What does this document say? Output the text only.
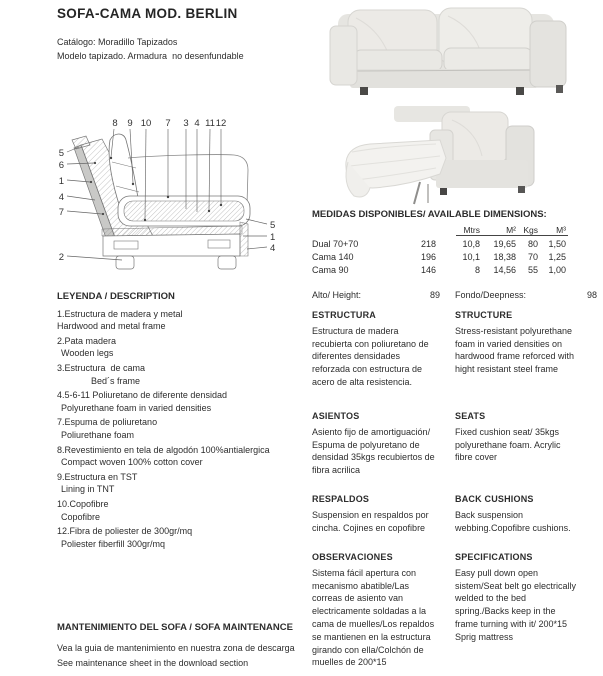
SOFA-CAMA MOD. BERLIN
Catálogo: Moradillo Tapizados
Modelo tapizado. Armadura  no desenfundable
8 9 10 7 3 4 11 12
5
6
1
4
7
2
5
1
4
LEYENDA / DESCRIPTION
1.Estructura de madera y metal
Hardwood and metal frame
2.Pata madera
Wooden legs
3.Estructura  de cama
Bed´s frame
4.5-6-11 Poliuretano de diferente densidad
Polyurethane foam in varied densities
7.Espuma de poliuretano
Poliurethane foam
8.Revestimiento en tela de algodón 100%antialergica
Compact woven 100% cotton cover
9.Estructura en TST
Lining in TNT
10.Copofibre
Copofibre
12.Fibra de poliester de 300gr/mq
Poliester fiberfill 300gr/mq
MANTENIMIENTO DEL SOFA / SOFA MAINTENANCE
Vea la guia de mantenimiento en nuestra zona de descarga
See maintenance sheet in the download section
MEDIDAS DISPONIBLES/ AVAILABLE DIMENSIONS:
			Mtrs	M²	Kgs	M³
Dual 70+70	218		10,8	19,65	80	1,50
Cama 140	196		10,1	18,38	70	1,25
Cama 90	146		8	14,56	55	1,00
Alto/ Height:	89 Fondo/Deepness:	98
ESTRUCTURA
Estructura de madera recubierta con poliuretano de diferentes densidades reforzada con estructura de acero de alta resistencia.
STRUCTURE
Stress-resistant polyurethane foam in varied densities on hardwood frame reforced with hight resistant steel frame
ASIENTOS
Asiento fijo de amortiguación/ Espuma de polyuretano de densidad 35kgs recubiertos de fibra acrilica
SEATS
Fixed cushion seat/ 35kgs polyurethane foam. Acrylic fibre cover
RESPALDOS
Suspension en respaldos por cincha. Cojines en copofibre
BACK CUSHIONS
Back suspension webbing.Copofibre cushions.
OBSERVACIONES
Sistema fácil apertura con mecanismo abatible/Las correas de asiento van electricamente soldadas a la cama de muelles/Los repaldos se mantienen en la estructura girando con ella/Colchón de muelles de 200*15
SPECIFICATIONS
Easy pull down open sistem/Seat belt go electrically welded to the bed spring./Backs keep in the frame turning with it/ 200*15 Sprig mattress
